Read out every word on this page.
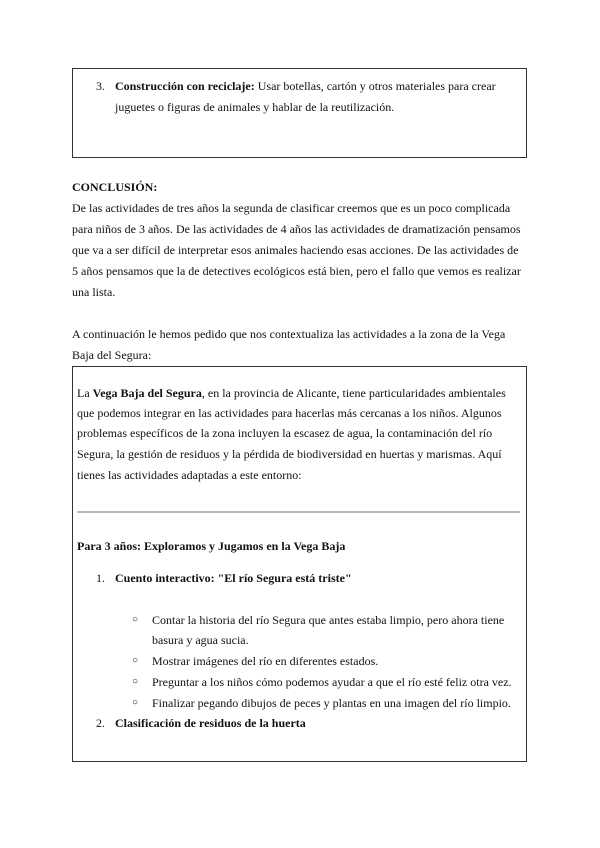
3. Construcción con reciclaje: Usar botellas, cartón y otros materiales para crear
juguetes o figuras de animales y hablar de la reutilización.
CONCLUSIÓN:
De las actividades de tres años la segunda de clasificar creemos que es un poco complicada
para niños de 3 años. De las actividades de 4 años las actividades de dramatización pensamos
que va a ser difícil de interpretar esos animales haciendo esas acciones. De las actividades de
5 años pensamos que la de detectives ecológicos está bien, pero el fallo que vemos es realizar
una lista.
A continuación le hemos pedido que nos contextualiza las actividades a la zona de la Vega
Baja del Segura:
La Vega Baja del Segura, en la provincia de Alicante, tiene particularidades ambientales
que podemos integrar en las actividades para hacerlas más cercanas a los niños. Algunos
problemas específicos de la zona incluyen la escasez de agua, la contaminación del río
Segura, la gestión de residuos y la pérdida de biodiversidad en huertas y marismas. Aquí
tienes las actividades adaptadas a este entorno:
Para 3 años: Exploramos y Jugamos en la Vega Baja
1. Cuento interactivo: "El río Segura está triste"
○ Contar la historia del río Segura que antes estaba limpio, pero ahora tiene
basura y agua sucia.
○ Mostrar imágenes del río en diferentes estados.
○ Preguntar a los niños cómo podemos ayudar a que el río esté feliz otra vez.
○ Finalizar pegando dibujos de peces y plantas en una imagen del río limpio.
2. Clasificación de residuos de la huerta
